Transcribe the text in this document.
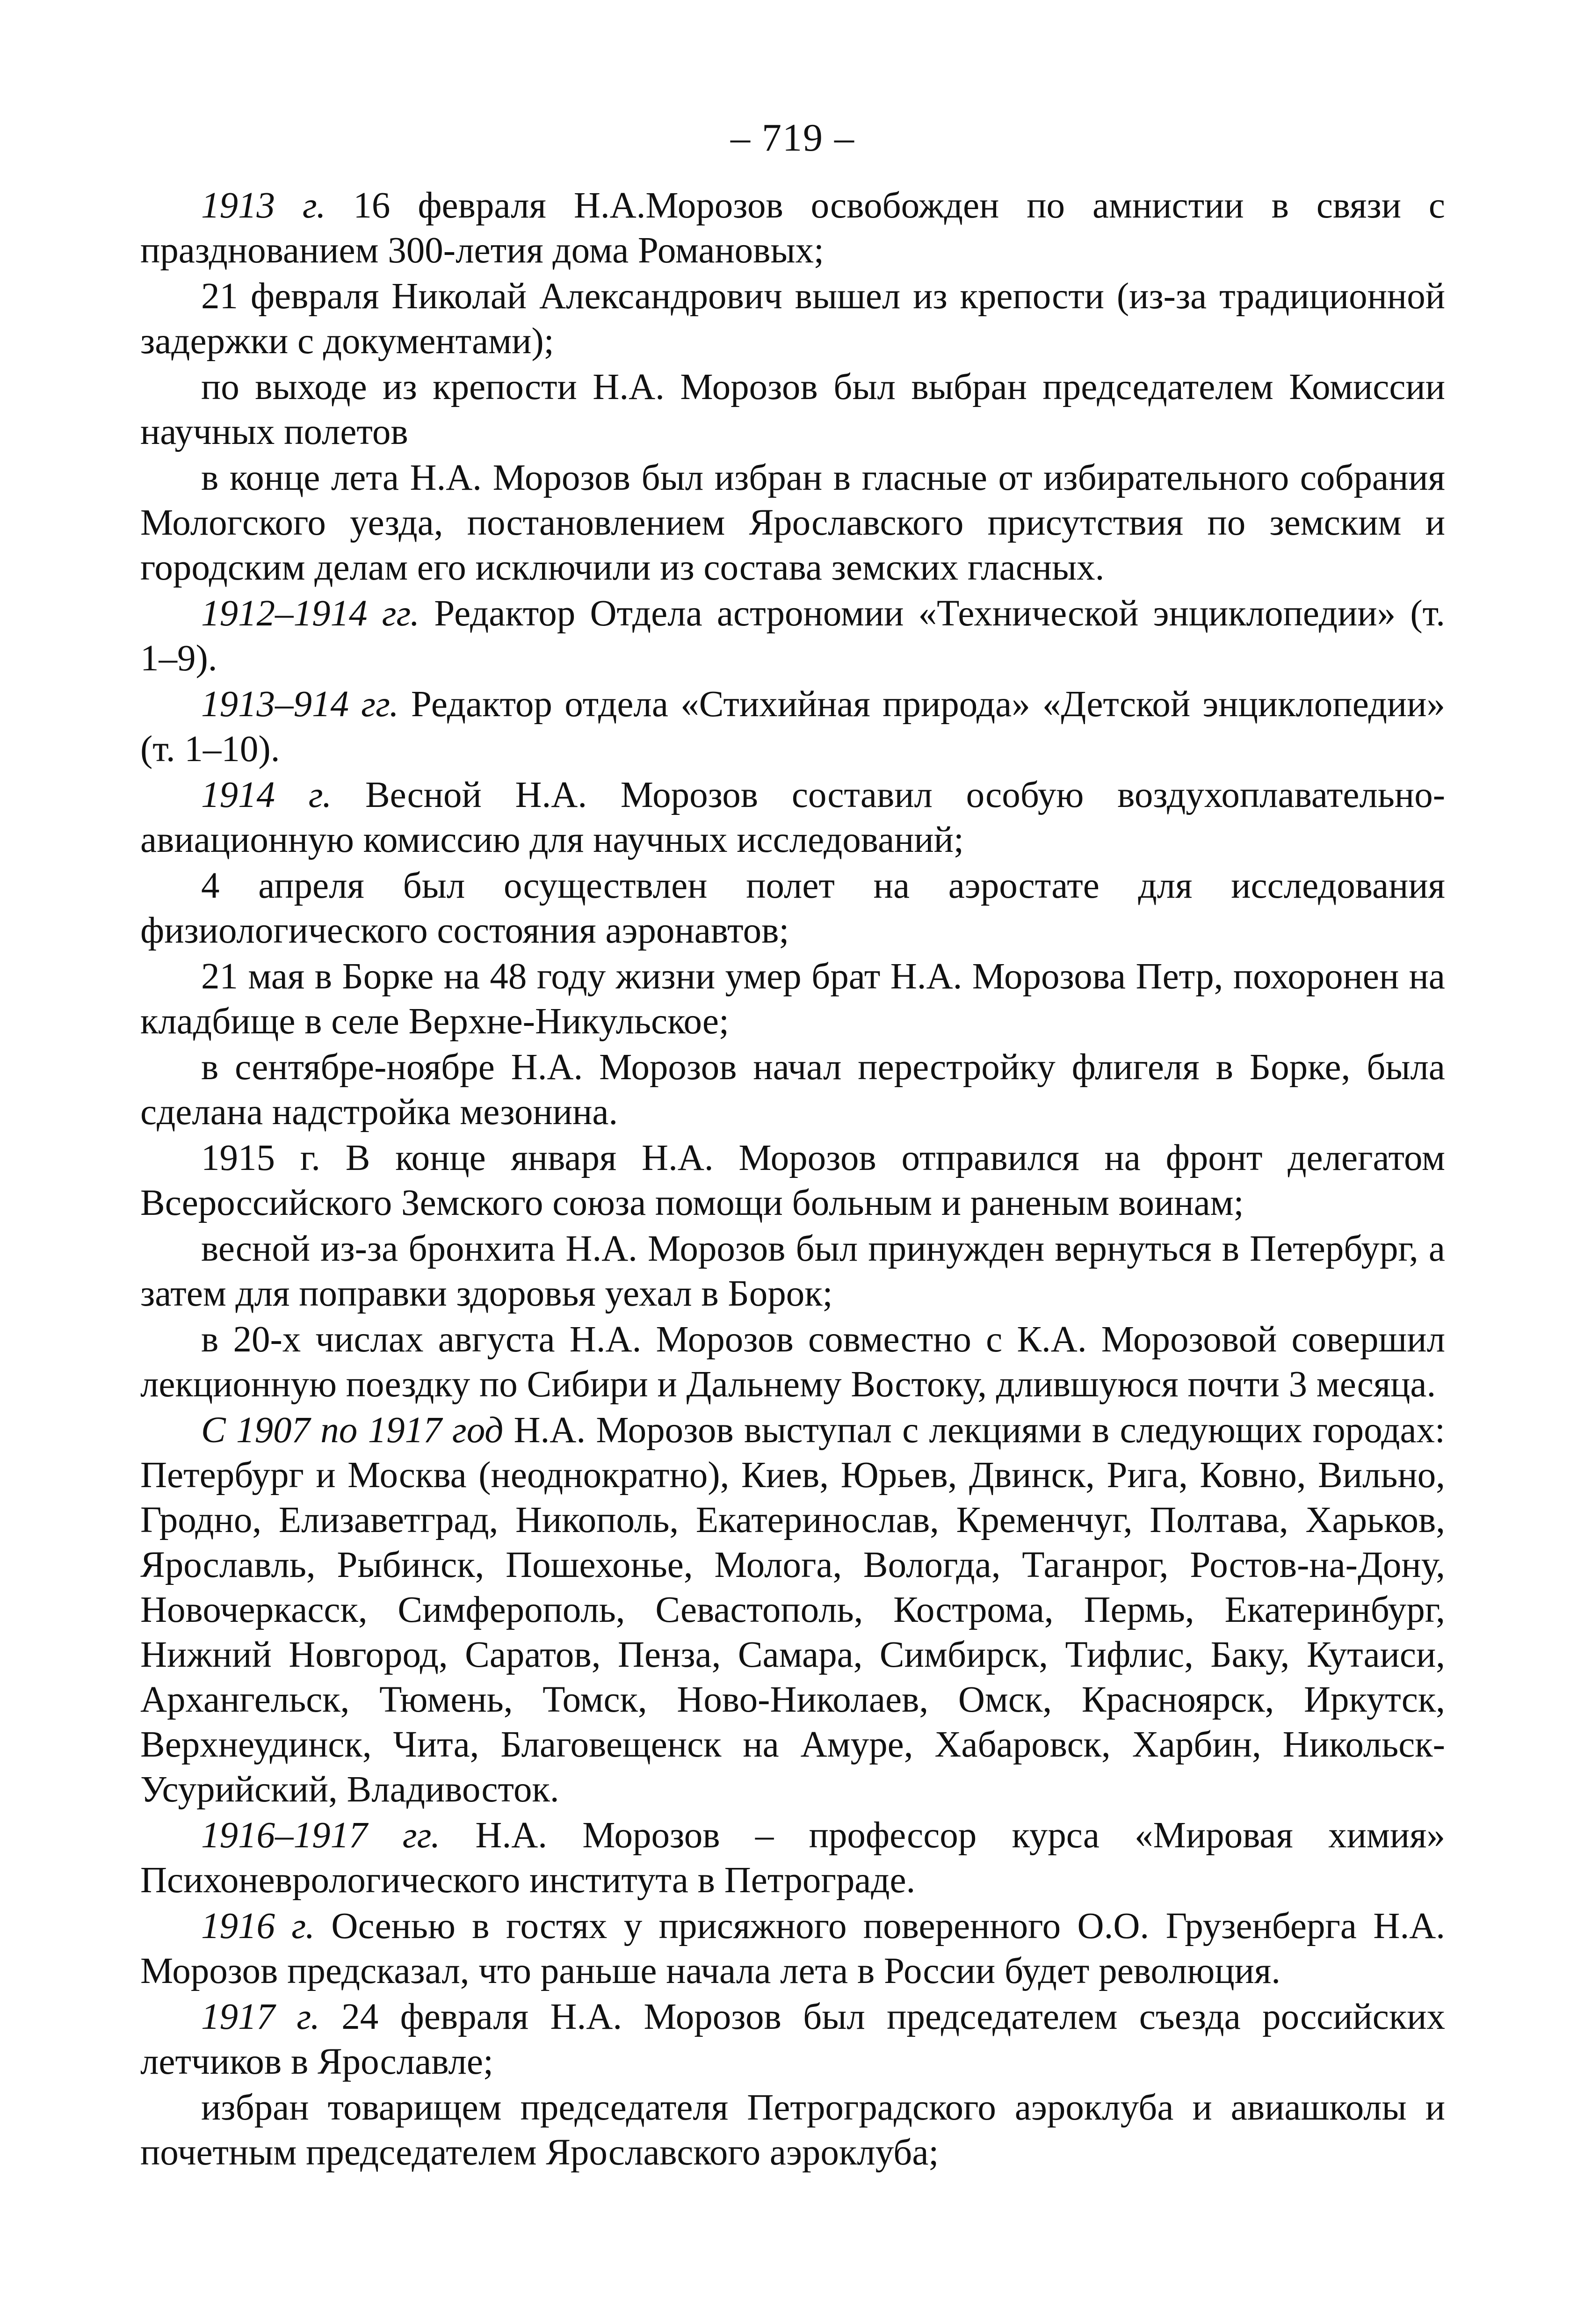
– 719 –
1913 г. 16 февраля Н.А.Морозов освобожден по амнистии в связи с празднованием 300-летия дома Романовых;
21 февраля Николай Александрович вышел из крепости (из-за традиционной задержки с документами);
по выходе из крепости Н.А. Морозов был выбран председателем Комиссии научных полетов
в конце лета Н.А. Морозов был избран в гласные от избирательного собрания Мологского уезда, постановлением Ярославского присутствия по земским и городским делам его исключили из состава земских гласных.
1912–1914 гг. Редактор Отдела астрономии «Технической энциклопедии» (т. 1–9).
1913–914 гг. Редактор отдела «Стихийная природа» «Детской энциклопедии» (т. 1–10).
1914 г. Весной Н.А. Морозов составил особую воздухоплавательно-авиационную комиссию для научных исследований;
4 апреля был осуществлен полет на аэростате для исследования физиологического состояния аэронавтов;
21 мая в Борке на 48 году жизни умер брат Н.А. Морозова Петр, похоронен на кладбище в селе Верхне-Никульское;
в сентябре-ноябре Н.А. Морозов начал перестройку флигеля в Борке, была сделана надстройка мезонина.
1915 г. В конце января Н.А. Морозов отправился на фронт делегатом Всероссийского Земского союза помощи больным и раненым воинам;
весной из-за бронхита Н.А. Морозов был принужден вернуться в Петербург, а затем для поправки здоровья уехал в Борок;
в 20-х числах августа Н.А. Морозов совместно с К.А. Морозовой совершил лекционную поездку по Сибири и Дальнему Востоку, длившуюся почти 3 месяца.
С 1907 по 1917 год Н.А. Морозов выступал с лекциями в следующих городах: Петербург и Москва (неоднократно), Киев, Юрьев, Двинск, Рига, Ковно, Вильно, Гродно, Елизаветград, Никополь, Екатеринослав, Кременчуг, Полтава, Харьков, Ярославль, Рыбинск, Пошехонье, Молога, Вологда, Таганрог, Ростов-на-Дону, Новочеркасск, Симферополь, Севастополь, Кострома, Пермь, Екатеринбург, Нижний Новгород, Саратов, Пенза, Самара, Симбирск, Тифлис, Баку, Кутаиси, Архангельск, Тюмень, Томск, Ново-Николаев, Омск, Красноярск, Иркутск, Верхнеудинск, Чита, Благовещенск на Амуре, Хабаровск, Харбин, Никольск-Усурийский, Владивосток.
1916–1917 гг. Н.А. Морозов – профессор курса «Мировая химия» Психоневрологического института в Петрограде.
1916 г. Осенью в гостях у присяжного поверенного О.О. Грузенберга Н.А. Морозов предсказал, что раньше начала лета в России будет революция.
1917 г. 24 февраля Н.А. Морозов был председателем съезда российских летчиков в Ярославле;
избран товарищем председателя Петроградского аэроклуба и авиашколы и почетным председателем Ярославского аэроклуба;
